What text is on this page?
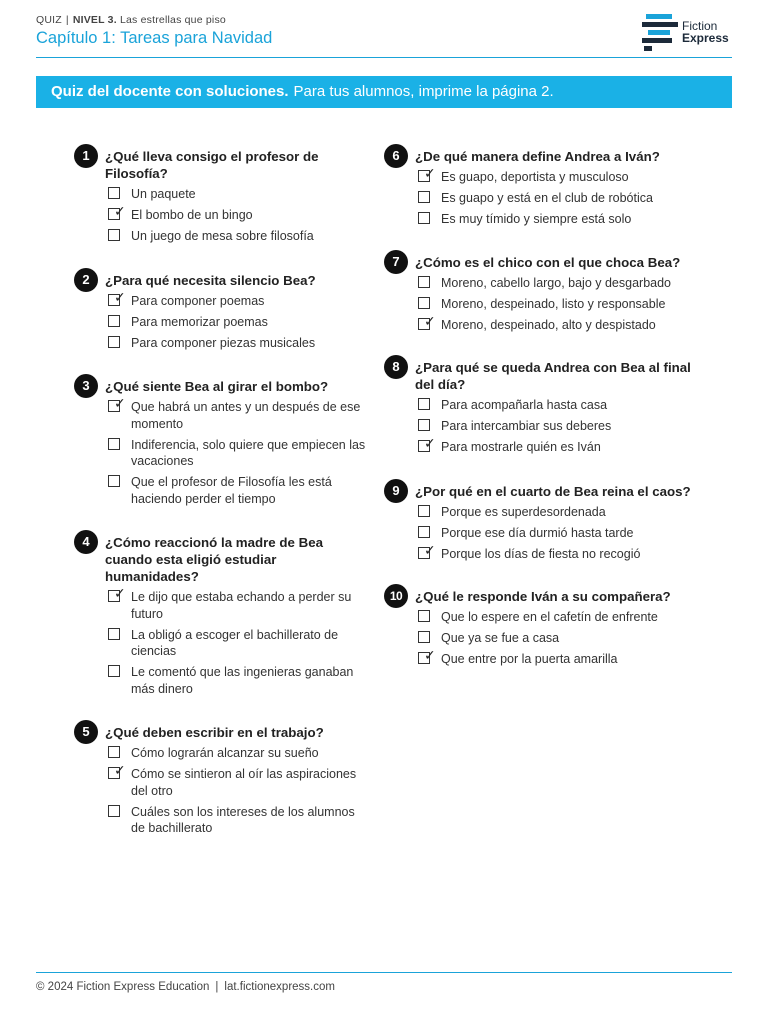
QUIZ | NIVEL 3. Las estrellas que piso
Capítulo 1: Tareas para Navidad
Fiction
Express
Quiz del docente con soluciones. Para tus alumnos, imprime la página 2.
1	¿Qué lleva consigo el profesor de Filosofía?
Un paquete
✓ El bombo de un bingo
Un juego de mesa sobre filosofía
2	¿Para qué necesita silencio Bea?
✓ Para componer poemas
Para memorizar poemas
Para componer piezas musicales
3	¿Qué siente Bea al girar el bombo?
✓ Que habrá un antes y un después de ese momento
Indiferencia, solo quiere que empiecen las vacaciones
Que el profesor de Filosofía les está haciendo perder el tiempo
4	¿Cómo reaccionó la madre de Bea cuando esta eligió estudiar humanidades?
✓ Le dijo que estaba echando a perder su futuro
La obligó a escoger el bachillerato de ciencias
Le comentó que las ingenieras ganaban más dinero
5	¿Qué deben escribir en el trabajo?
Cómo lograrán alcanzar su sueño
✓ Cómo se sintieron al oír las aspiraciones del otro
Cuáles son los intereses de los alumnos de bachillerato
6	¿De qué manera define Andrea a Iván?
✓ Es guapo, deportista y musculoso
Es guapo y está en el club de robótica
Es muy tímido y siempre está solo
7	¿Cómo es el chico con el que choca Bea?
Moreno, cabello largo, bajo y desgarbado
Moreno, despeinado, listo y responsable
✓ Moreno, despeinado, alto y despistado
8	¿Para qué se queda Andrea con Bea al final del día?
Para acompañarla hasta casa
Para intercambiar sus deberes
✓ Para mostrarle quién es Iván
9	¿Por qué en el cuarto de Bea reina el caos?
Porque es superdesordenada
Porque ese día durmió hasta tarde
✓ Porque los días de fiesta no recogió
10 ¿Qué le responde Iván a su compañera?
Que lo espere en el cafetín de enfrente
Que ya se fue a casa
✓ Que entre por la puerta amarilla
© 2024 Fiction Express Education | lat.fictionexpress.com
